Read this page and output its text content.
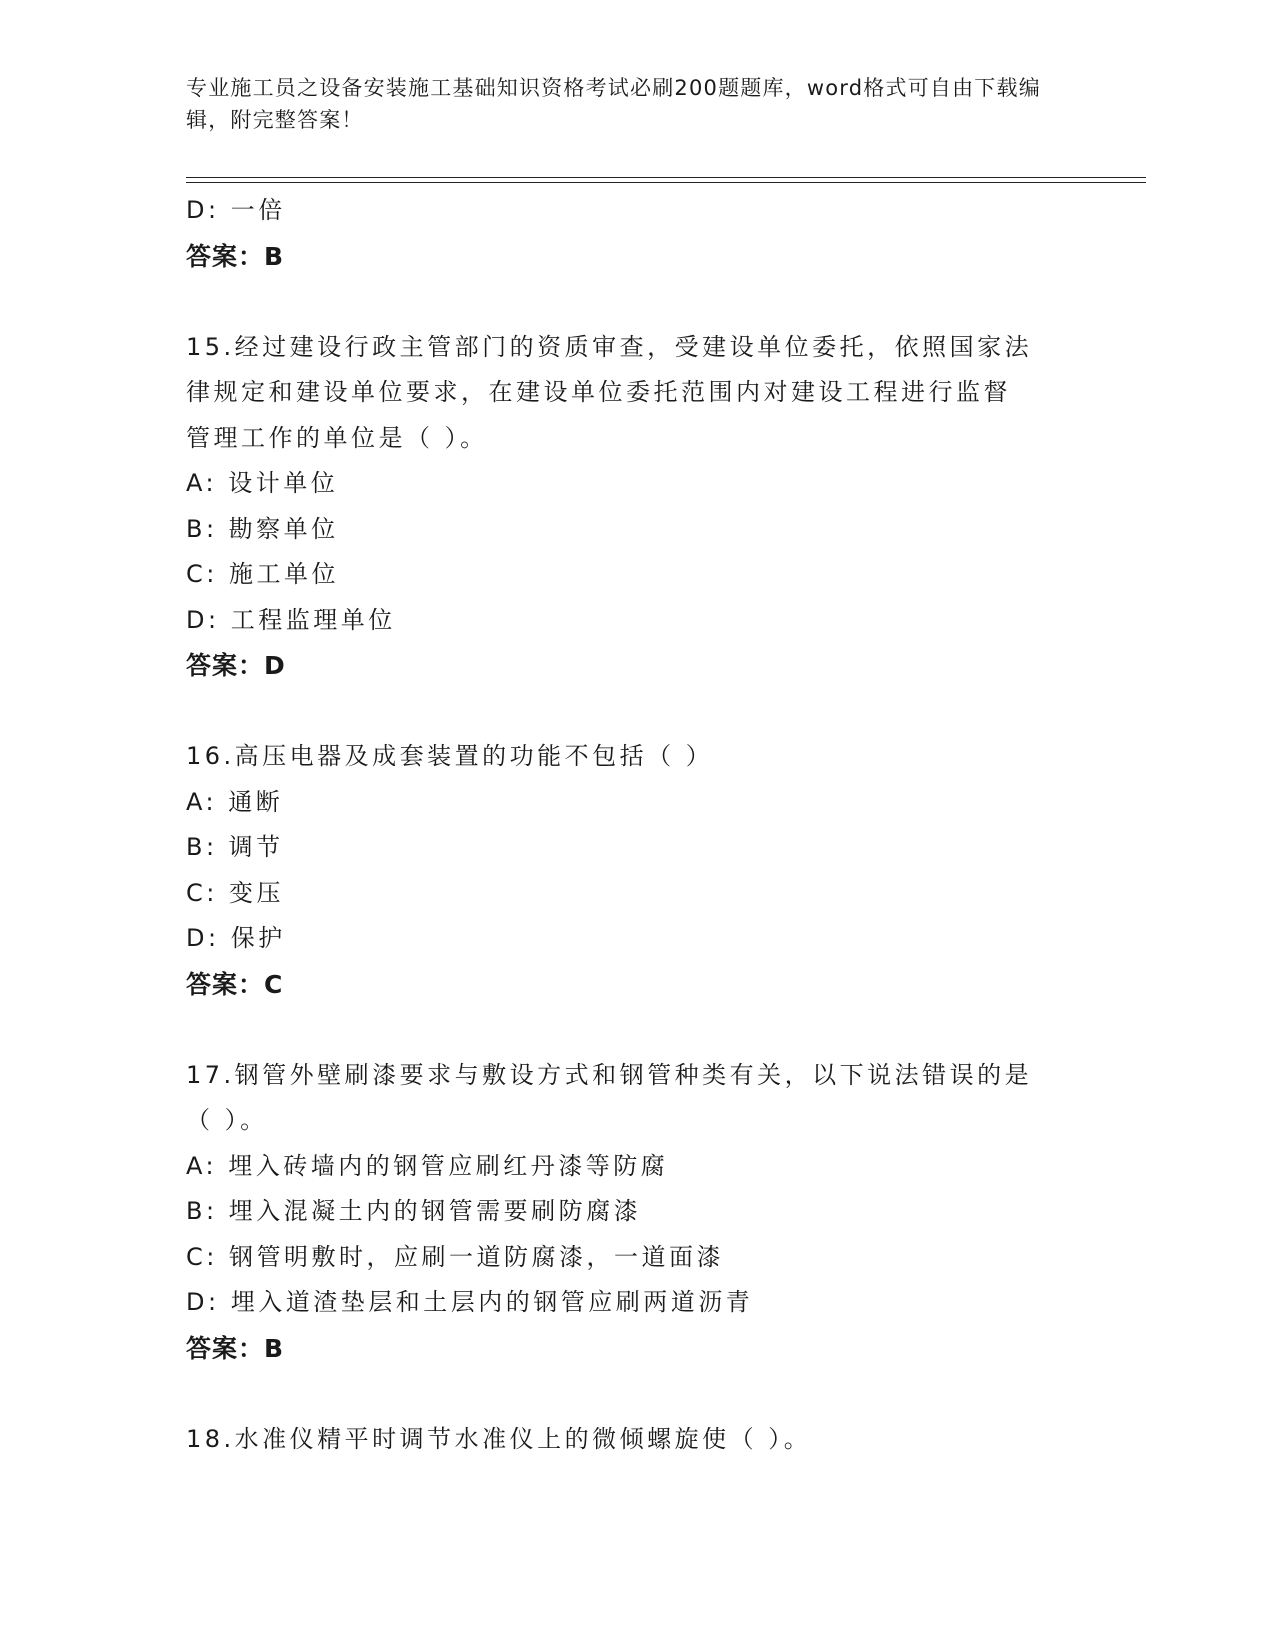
专业施工员之设备安装施工基础知识资格考试必刷200题题库，word格式可自由下载编辑，附完整答案！
D: 一倍
答案：B
15.经过建设行政主管部门的资质审查，受建设单位委托，依照国家法
律规定和建设单位要求，在建设单位委托范围内对建设工程进行监督
管理工作的单位是（ ）。
A: 设计单位
B: 勘察单位
C: 施工单位
D: 工程监理单位
答案：D
16.高压电器及成套装置的功能不包括（ ）
A: 通断
B: 调节
C: 变压
D: 保护
答案：C
17.钢管外壁刷漆要求与敷设方式和钢管种类有关，以下说法错误的是
（ ）。
A: 埋入砖墙内的钢管应刷红丹漆等防腐
B: 埋入混凝土内的钢管需要刷防腐漆
C: 钢管明敷时，应刷一道防腐漆，一道面漆
D: 埋入道渣垫层和土层内的钢管应刷两道沥青
答案：B
18.水准仪精平时调节水准仪上的微倾螺旋使（ ）。
